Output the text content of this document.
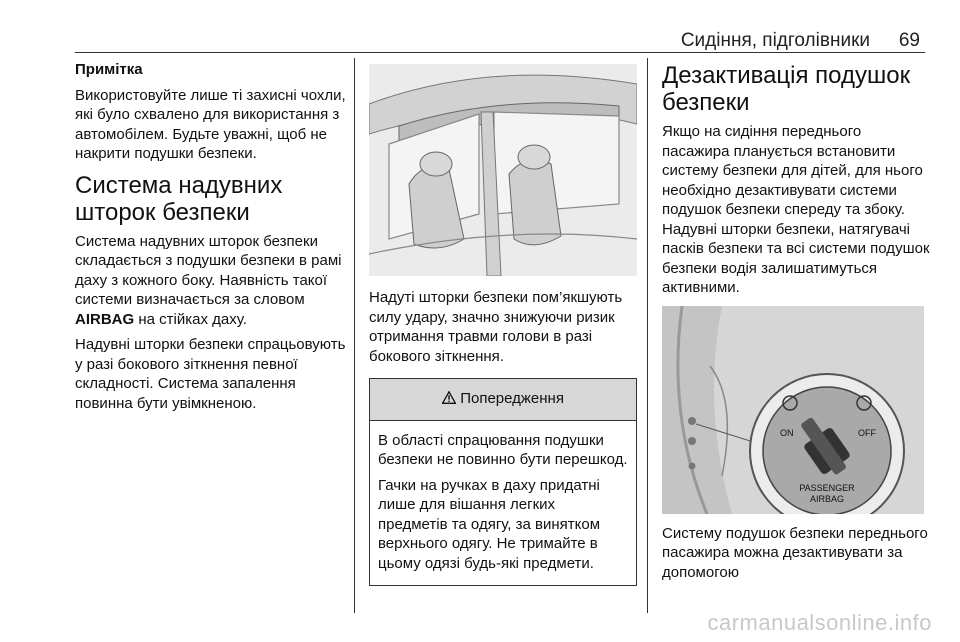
Сидіння, підголівники 69

Примітка

Використовуйте лише ті захисні чохли, які було схвалено для використання з автомобілем. Будьте уважні, щоб не накрити подушки безпеки.

Система надувних шторок безпеки

Система надувних шторок безпеки складається з подушки безпеки в рамі даху з кожного боку. Наявність такої системи визначається за словом AIRBAG на стійках даху.

Надувні шторки безпеки спрацьовують у разі бокового зіткнення певної складності. Система запалення повинна бути увімкненою.

Надуті шторки безпеки пом’якшують силу удару, значно знижуючи ризик отримання травми голови в разі бокового зіткнення.

Попередження

В області спрацювання подушки безпеки не повинно бути перешкод.

Гачки на ручках в даху придатні лише для вішання легких предметів та одягу, за винятком верхнього одягу. Не тримайте в цьому одязі будь-які предмети.

Дезактивація подушок безпеки

Якщо на сидіння переднього пасажира планується встановити систему безпеки для дітей, для нього необхідно дезактивувати системи подушок безпеки спереду та збоку. Надувні шторки безпеки, натягувачі пасків безпеки та всі системи подушок безпеки водія залишатимуться активними.

ON	OFF
PASSENGER
AIRBAG

Систему подушок безпеки переднього пасажира можна дезактивувати за допомогою

carmanualsonline.info
